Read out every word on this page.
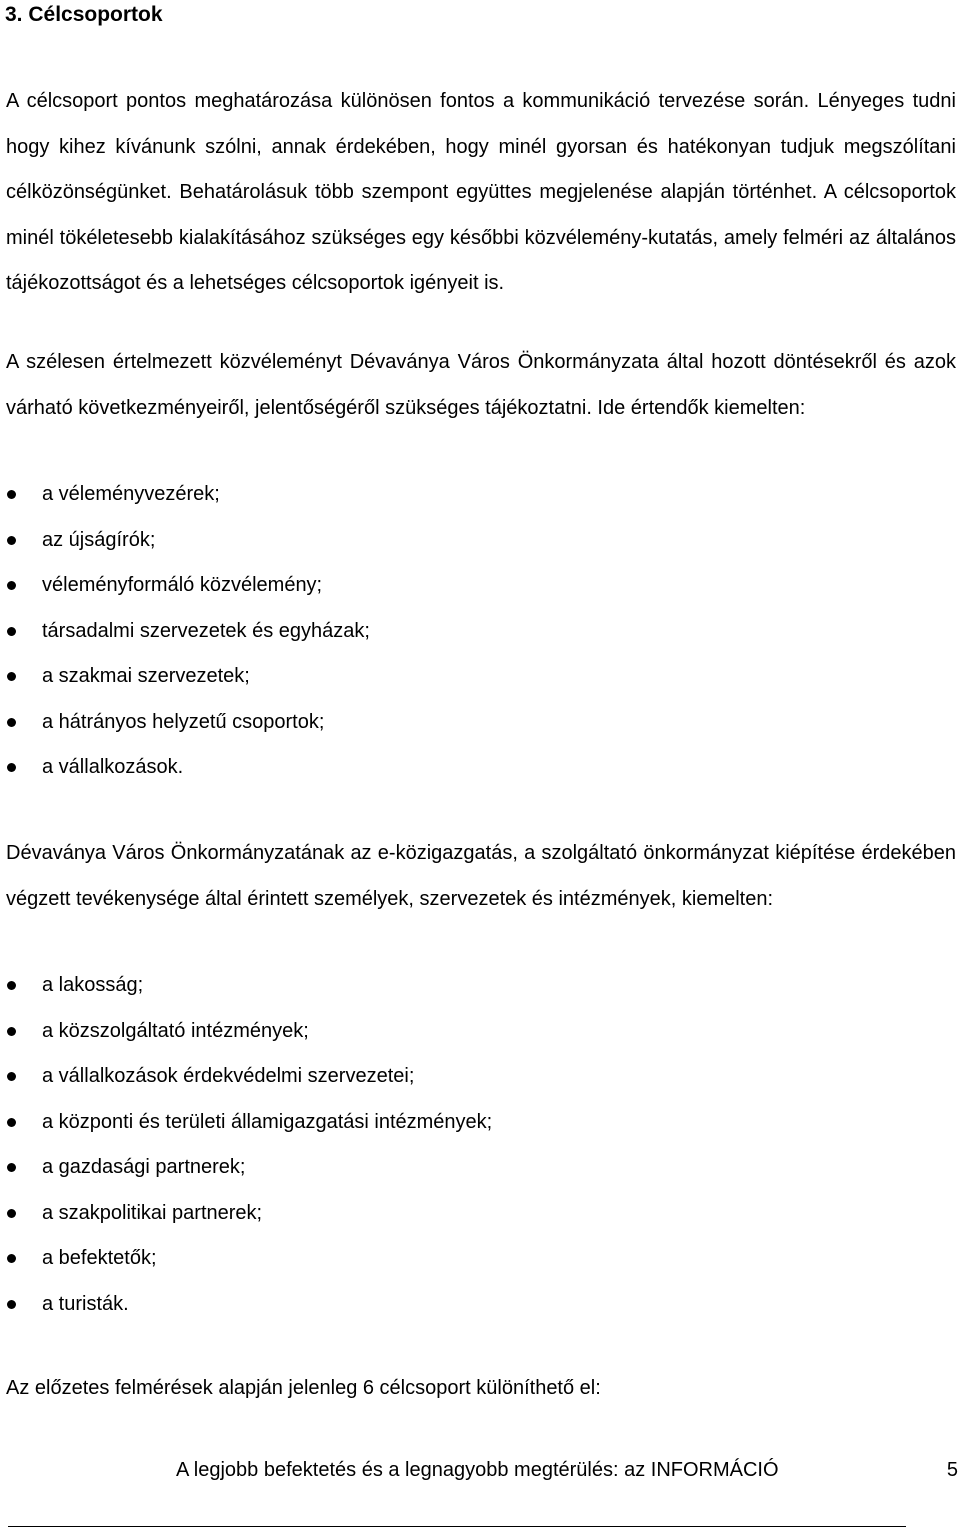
3. Célcsoportok

A célcsoport pontos meghatározása különösen fontos a kommunikáció tervezése során. Lényeges tudni hogy kihez kívánunk szólni, annak érdekében, hogy minél gyorsan és hatékonyan tudjuk megszólítani célközönségünket. Behatárolásuk több szempont együttes megjelenése alapján történhet. A célcsoportok minél tökéletesebb kialakításához szükséges egy későbbi közvélemény-kutatás, amely felméri az általános tájékozottságot és a lehetséges célcsoportok igényeit is.

A szélesen értelmezett közvéleményt Dévaványa Város Önkormányzata által hozott döntésekről és azok várható következményeiről, jelentőségéről szükséges tájékoztatni. Ide értendők kiemelten:

a véleményvezérek;
az újságírók;
véleményformáló közvélemény;
társadalmi szervezetek és egyházak;
a szakmai szervezetek;
a hátrányos helyzetű csoportok;
a vállalkozások.

Dévaványa Város Önkormányzatának az e-közigazgatás, a szolgáltató önkormányzat kiépítése érdekében végzett tevékenysége által érintett személyek, szervezetek és intézmények, kiemelten:

a lakosság;
a közszolgáltató intézmények;
a vállalkozások érdekvédelmi szervezetei;
a központi és területi államigazgatási intézmények;
a gazdasági partnerek;
a szakpolitikai partnerek;
a befektetők;
a turisták.

Az előzetes felmérések alapján jelenleg 6 célcsoport különíthető el:

A legjobb befektetés és a legnagyobb megtérülés: az INFORMÁCIÓ	5
